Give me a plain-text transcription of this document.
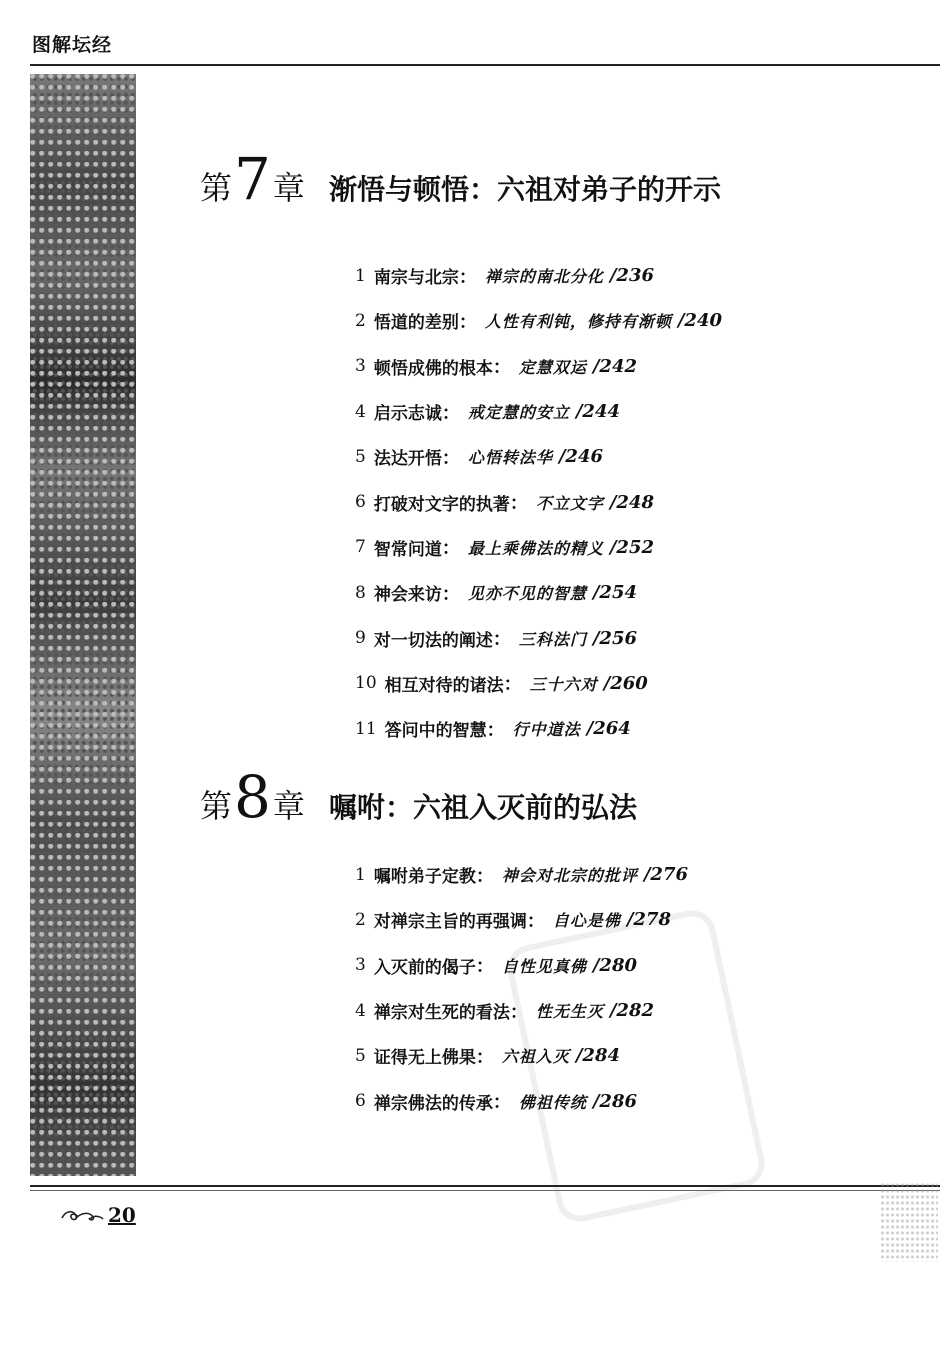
图解坛经
第 7 章 渐悟与顿悟：六祖对弟子的开示
1 南宗与北宗 ： 禅宗的南北分化 /236
2 悟道的差别 ： 人性有利钝，修持有渐顿 /240
3 顿悟成佛的根本 ： 定慧双运 /242
4 启示志诚 ： 戒定慧的安立 /244
5 法达开悟 ： 心悟转法华 /246
6 打破对文字的执著 ： 不立文字 /248
7 智常问道 ： 最上乘佛法的精义 /252
8 神会来访 ： 见亦不见的智慧 /254
9 对一切法的阐述 ： 三科法门 /256
10 相互对待的诸法 ： 三十六对 /260
11 答问中的智慧 ： 行中道法 /264
第 8 章 嘱咐：六祖入灭前的弘法
1 嘱咐弟子定教 ： 神会对北宗的批评 /276
2 对禅宗主旨的再强调 ： 自心是佛 /278
3 入灭前的偈子 ： 自性见真佛 /280
4 禅宗对生死的看法 ： 性无生灭 /282
5 证得无上佛果 ： 六祖入灭 /284
6 禅宗佛法的传承 ： 佛祖传统 /286
20
